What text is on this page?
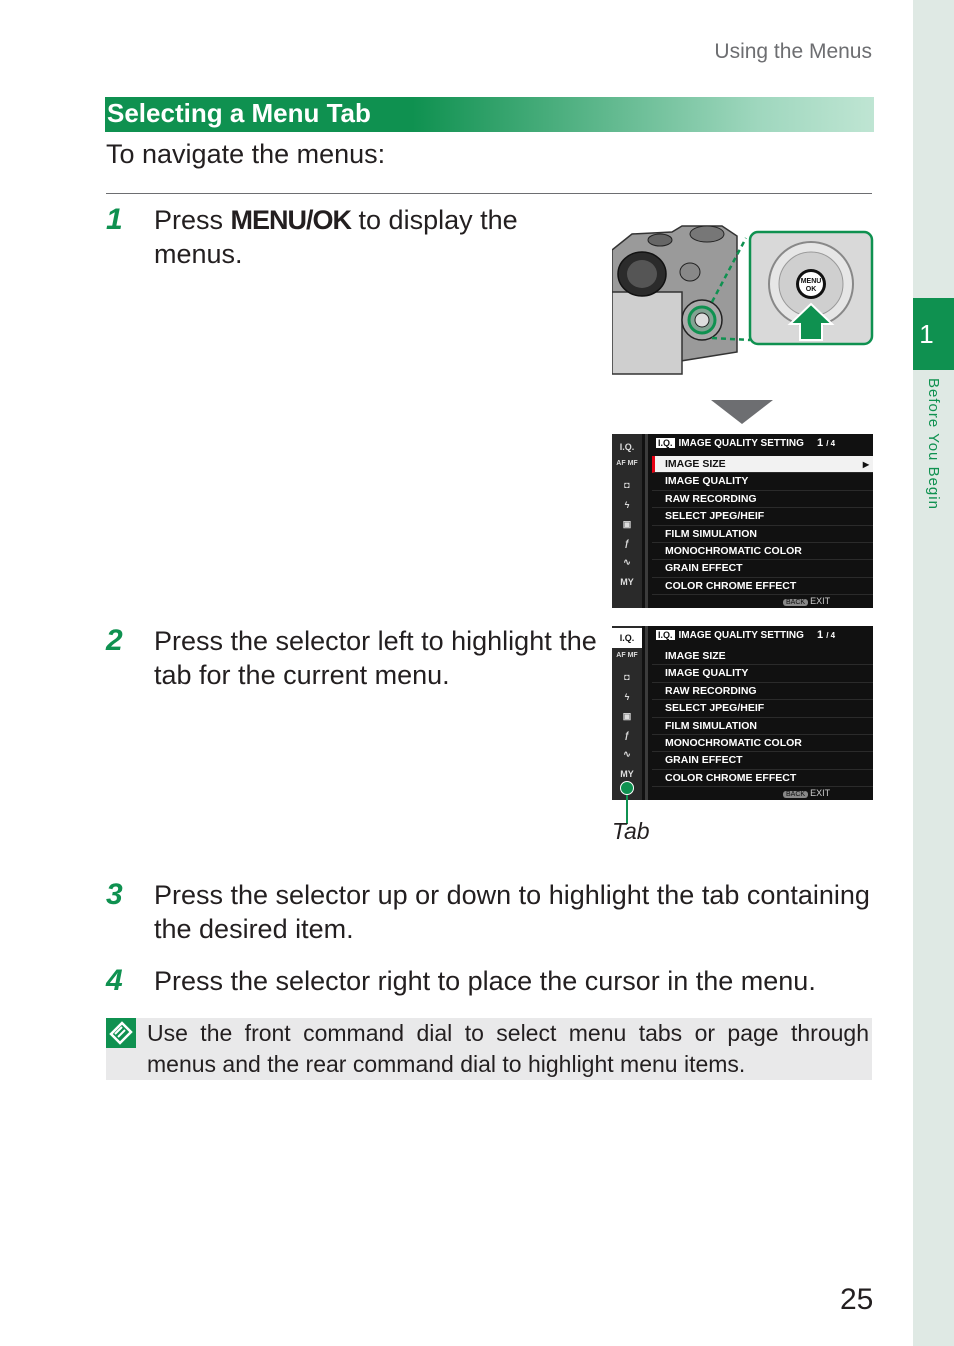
Using the Menus
Selecting a Menu Tab
To navigate the menus:
1 Press MENU/OK to display the menus.
MENU
OK
I.Q.
AF MF
◘
ϟ
▣
ƒ
∿
MY
I.Q. IMAGE QUALITY SETTING 1 / 4
IMAGE SIZE	▶
IMAGE QUALITY
RAW RECORDING
SELECT JPEG/HEIF
FILM SIMULATION
MONOCHROMATIC COLOR
GRAIN EFFECT
COLOR CHROME EFFECT
BACK EXIT
2 Press the selector left to highlight the tab for the current menu.
I.Q.
AF MF
◘
ϟ
▣
ƒ
∿
MY
I.Q. IMAGE QUALITY SETTING 1 / 4
IMAGE SIZE
IMAGE QUALITY
RAW RECORDING
SELECT JPEG/HEIF
FILM SIMULATION
MONOCHROMATIC COLOR
GRAIN EFFECT
COLOR CHROME EFFECT
BACK EXIT
Tab
3 Press the selector up or down to highlight the tab containing the desired item.
4 Press the selector right to place the cursor in the menu.
Use the front command dial to select menu tabs or page through menus and the rear command dial to highlight menu items.
1
Before You Begin
25
